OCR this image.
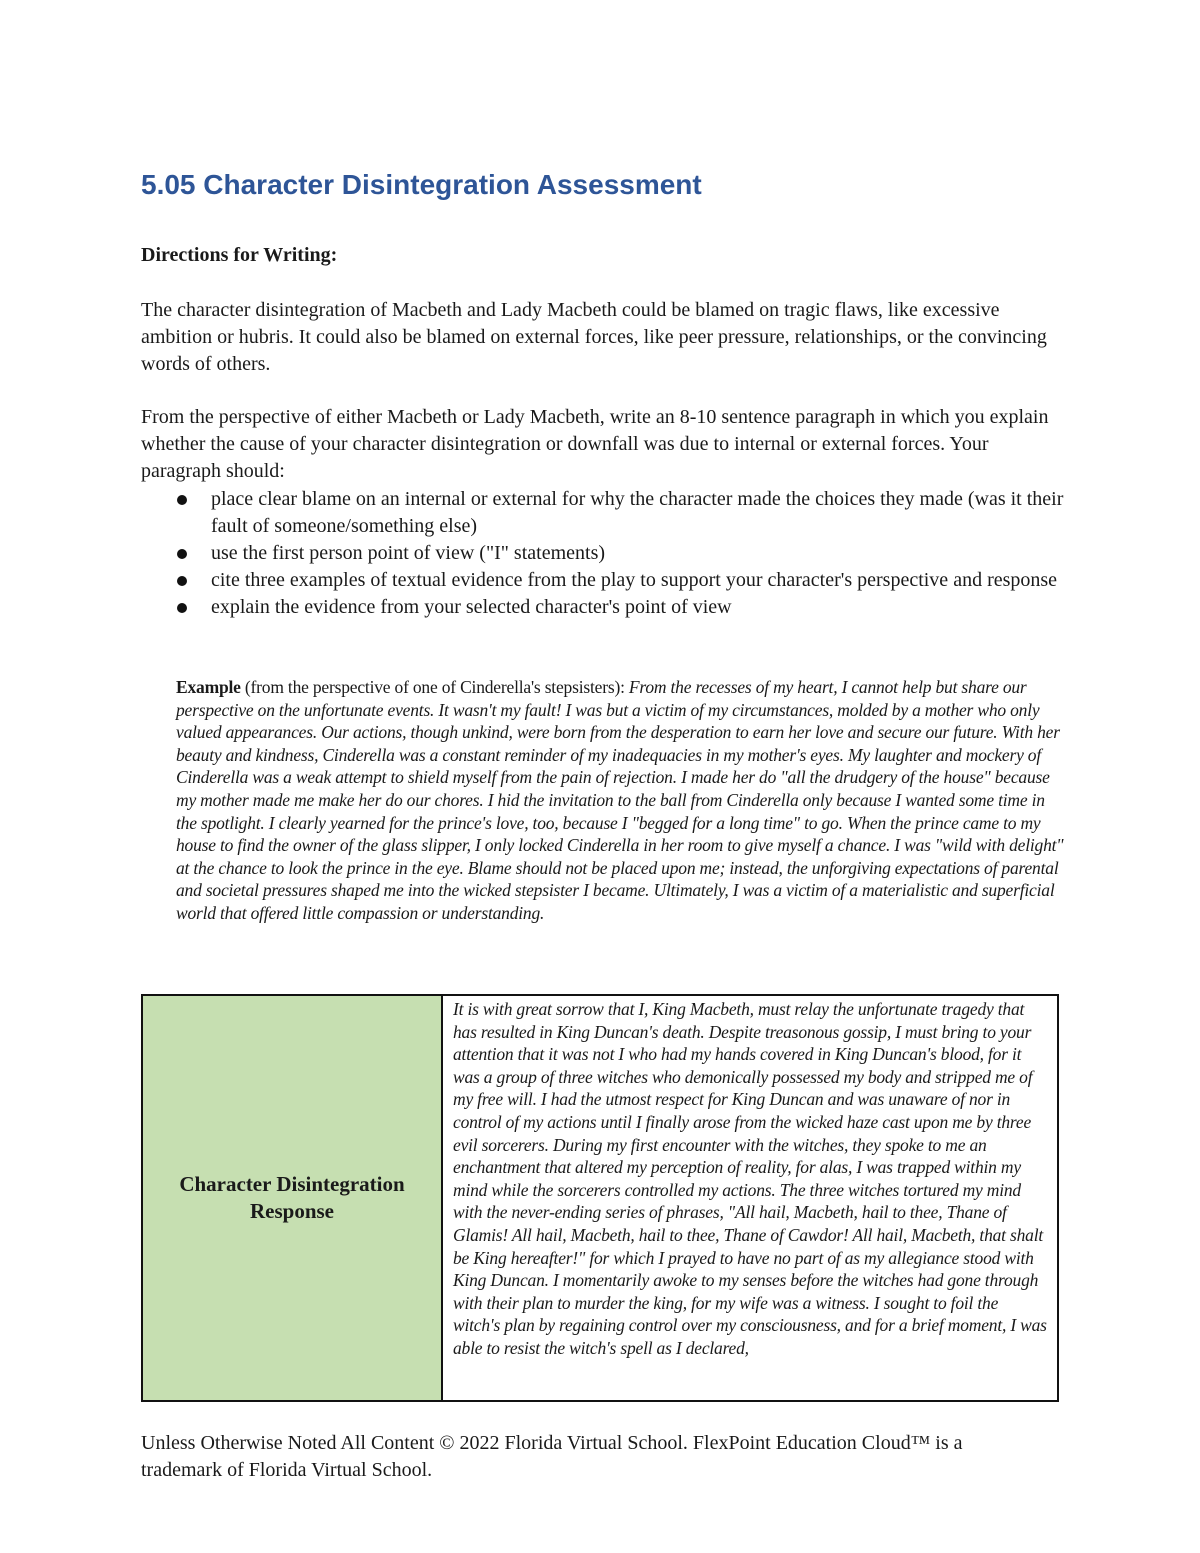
5.05 Character Disintegration Assessment
Directions for Writing:

The character disintegration of Macbeth and Lady Macbeth could be blamed on tragic flaws, like excessive ambition or hubris. It could also be blamed on external forces, like peer pressure, relationships, or the convincing words of others.

From the perspective of either Macbeth or Lady Macbeth, write an 8-10 sentence paragraph in which you explain whether the cause of your character disintegration or downfall was due to internal or external forces. Your paragraph should:

place clear blame on an internal or external for why the character made the choices they made (was it their fault of someone/something else)
use the first person point of view ("I" statements)
cite three examples of textual evidence from the play to support your character's perspective and response
explain the evidence from your selected character's point of view

Example (from the perspective of one of Cinderella's stepsisters): From the recesses of my heart, I cannot help but share our perspective on the unfortunate events. It wasn't my fault! I was but a victim of my circumstances, molded by a mother who only valued appearances. Our actions, though unkind, were born from the desperation to earn her love and secure our future. With her beauty and kindness, Cinderella was a constant reminder of my inadequacies in my mother's eyes. My laughter and mockery of Cinderella was a weak attempt to shield myself from the pain of rejection. I made her do "all the drudgery of the house" because my mother made me make her do our chores. I hid the invitation to the ball from Cinderella only because I wanted some time in the spotlight. I clearly yearned for the prince's love, too, because I "begged for a long time" to go. When the prince came to my house to find the owner of the glass slipper, I only locked Cinderella in her room to give myself a chance. I was "wild with delight" at the chance to look the prince in the eye. Blame should not be placed upon me; instead, the unforgiving expectations of parental and societal pressures shaped me into the wicked stepsister I became. Ultimately, I was a victim of a materialistic and superficial world that offered little compassion or understanding.

Character Disintegration Response

It is with great sorrow that I, King Macbeth, must relay the unfortunate tragedy that has resulted in King Duncan's death. Despite treasonous gossip, I must bring to your attention that it was not I who had my hands covered in King Duncan's blood, for it was a group of three witches who demonically possessed my body and stripped me of my free will. I had the utmost respect for King Duncan and was unaware of nor in control of my actions until I finally arose from the wicked haze cast upon me by three evil sorcerers. During my first encounter with the witches, they spoke to me an enchantment that altered my perception of reality, for alas, I was trapped within my mind while the sorcerers controlled my actions. The three witches tortured my mind with the never-ending series of phrases, "All hail, Macbeth, hail to thee, Thane of Glamis! All hail, Macbeth, hail to thee, Thane of Cawdor! All hail, Macbeth, that shalt be King hereafter!" for which I prayed to have no part of as my allegiance stood with King Duncan. I momentarily awoke to my senses before the witches had gone through with their plan to murder the king, for my wife was a witness. I sought to foil the witch's plan by regaining control over my consciousness, and for a brief moment, I was able to resist the witch's spell as I declared,

Unless Otherwise Noted All Content © 2022 Florida Virtual School. FlexPoint Education Cloud™ is a trademark of Florida Virtual School.
